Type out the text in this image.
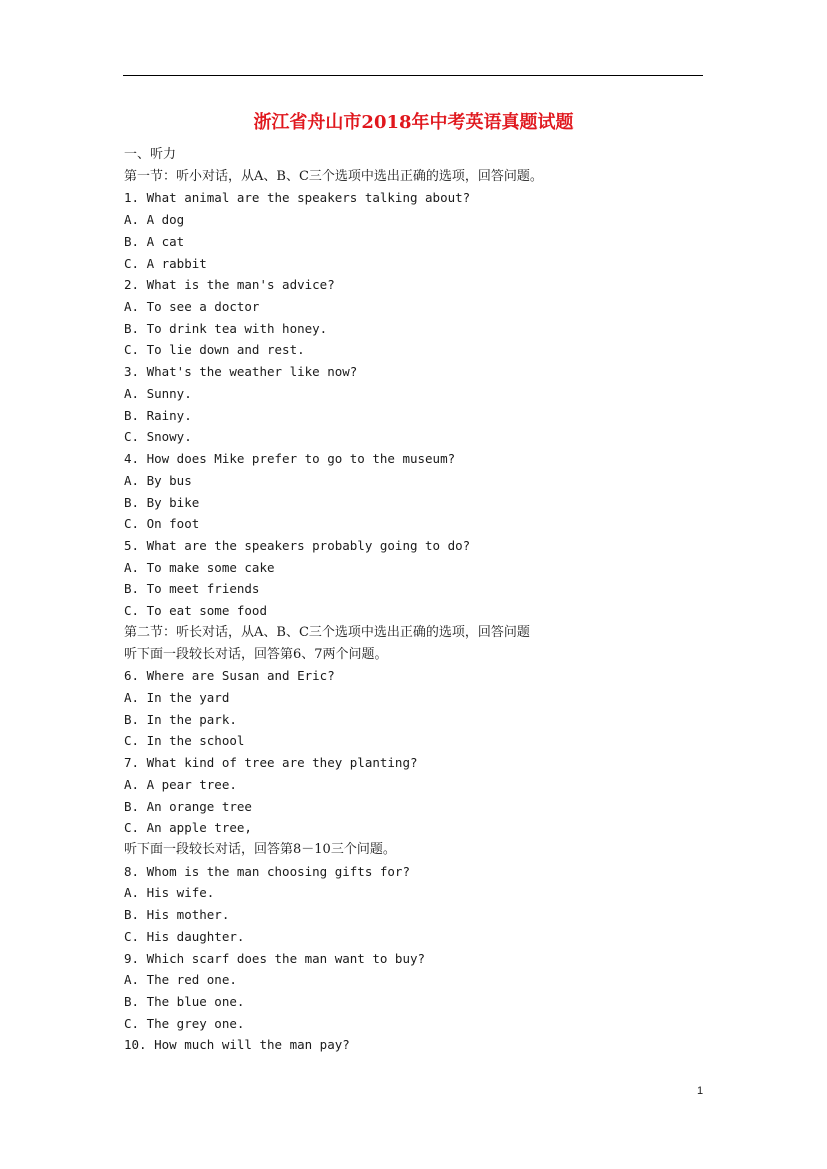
浙江省舟山市2018年中考英语真题试题
一、听力
第一节：听小对话，从A、B、C三个选项中选出正确的选项，回答问题。
1. What animal are the speakers talking about?
A. A dog
B. A cat
C. A rabbit
2. What is the man's advice?
A. To see a doctor
B. To drink tea with honey.
C. To lie down and rest.
3. What's the weather like now?
A. Sunny.
B. Rainy.
C. Snowy.
4. How does Mike prefer to go to the museum?
A. By bus
B. By bike
C. On foot
5. What are the speakers probably going to do?
A. To make some cake
B. To meet friends
C. To eat some food
第二节：听长对话，从A、B、C三个选项中选出正确的选项，回答问题
听下面一段较长对话，回答第6、7两个问题。
6. Where are Susan and Eric?
A. In the yard
B. In the park.
C. In the school
7. What kind of tree are they planting?
A. A pear tree.
B. An orange tree
C. An apple tree,
听下面一段较长对话，回答第8－10三个问题。
8. Whom is the man choosing gifts for?
A. His wife.
B. His mother.
C. His daughter.
9. Which scarf does the man want to buy?
A. The red one.
B. The blue one.
C. The grey one.
10. How much will the man pay?
1
